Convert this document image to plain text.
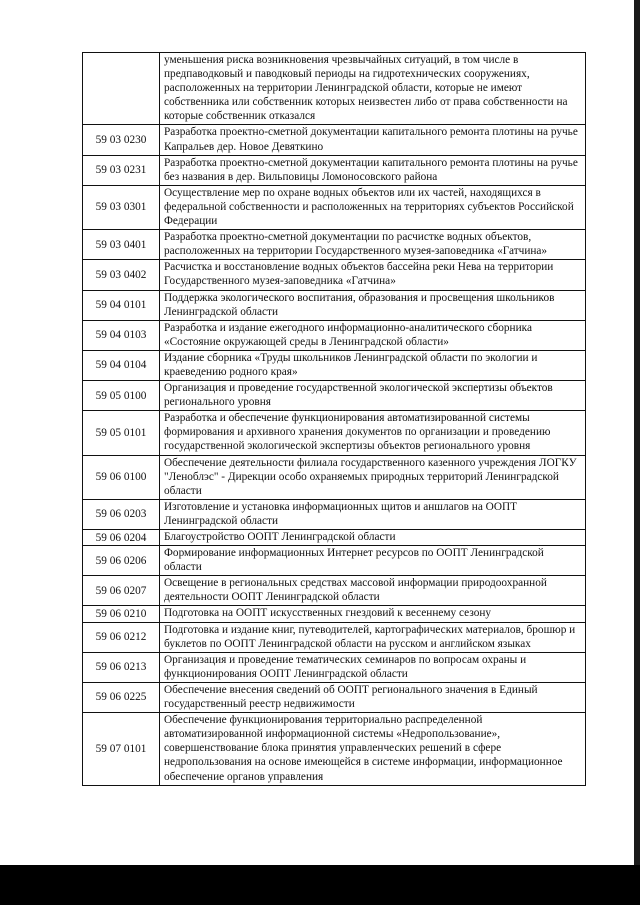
	уменьшения риска возникновения чрезвычайных ситуаций, в том числе в предпаводковый и паводковый периоды на гидротехнических сооружениях, расположенных на территории Ленинградской области, которые не имеют собственника или собственник которых неизвестен либо от права собственности на которые собственник отказался
59 03 0230	Разработка проектно-сметной документации капитального ремонта плотины на ручье Капральев дер. Новое Девяткино
59 03 0231	Разработка проектно-сметной документации капитального ремонта плотины на ручье без названия в дер. Вильповицы Ломоносовского района
59 03 0301	Осуществление мер по охране водных объектов или их частей, находящихся в федеральной собственности и расположенных на территориях субъектов Российской Федерации
59 03 0401	Разработка проектно-сметной документации по расчистке водных объектов, расположенных на территории Государственного музея-заповедника «Гатчина»
59 03 0402	Расчистка и восстановление водных объектов бассейна реки Нева на территории Государственного музея-заповедника «Гатчина»
59 04 0101	Поддержка экологического воспитания, образования и просвещения школьников Ленинградской области
59 04 0103	Разработка и издание ежегодного информационно-аналитического сборника «Состояние окружающей среды в Ленинградской области»
59 04 0104	Издание сборника «Труды школьников Ленинградской области по экологии и краеведению родного края»
59 05 0100	Организация и проведение государственной экологической экспертизы объектов регионального уровня
59 05 0101	Разработка и обеспечение функционирования автоматизированной системы формирования и архивного хранения документов по организации и проведению государственной экологической экспертизы объектов регионального уровня
59 06 0100	Обеспечение деятельности филиала государственного казенного учреждения ЛОГКУ "Леноблэс" - Дирекции особо охраняемых природных территорий Ленинградской области
59 06 0203	Изготовление и установка информационных щитов и аншлагов на ООПТ Ленинградской области
59 06 0204	Благоустройство ООПТ Ленинградской области
59 06 0206	Формирование информационных Интернет ресурсов по ООПТ Ленинградской области
59 06 0207	Освещение в региональных средствах массовой информации природоохранной деятельности ООПТ Ленинградской области
59 06 0210	Подготовка на ООПТ искусственных гнездовий к весеннему сезону
59 06 0212	Подготовка и издание книг, путеводителей, картографических материалов, брошюр и буклетов по ООПТ Ленинградской области на русском и английском языках
59 06 0213	Организация и проведение тематических семинаров по вопросам охраны и функционирования ООПТ Ленинградской области
59 06 0225	Обеспечение внесения сведений об ООПТ регионального значения в Единый государственный реестр недвижимости
59 07 0101	Обеспечение функционирования территориально распределенной автоматизированной информационной системы «Недропользование», совершенствование блока принятия управленческих решений в сфере недропользования на основе имеющейся в системе информации, информационное обеспечение органов управления
